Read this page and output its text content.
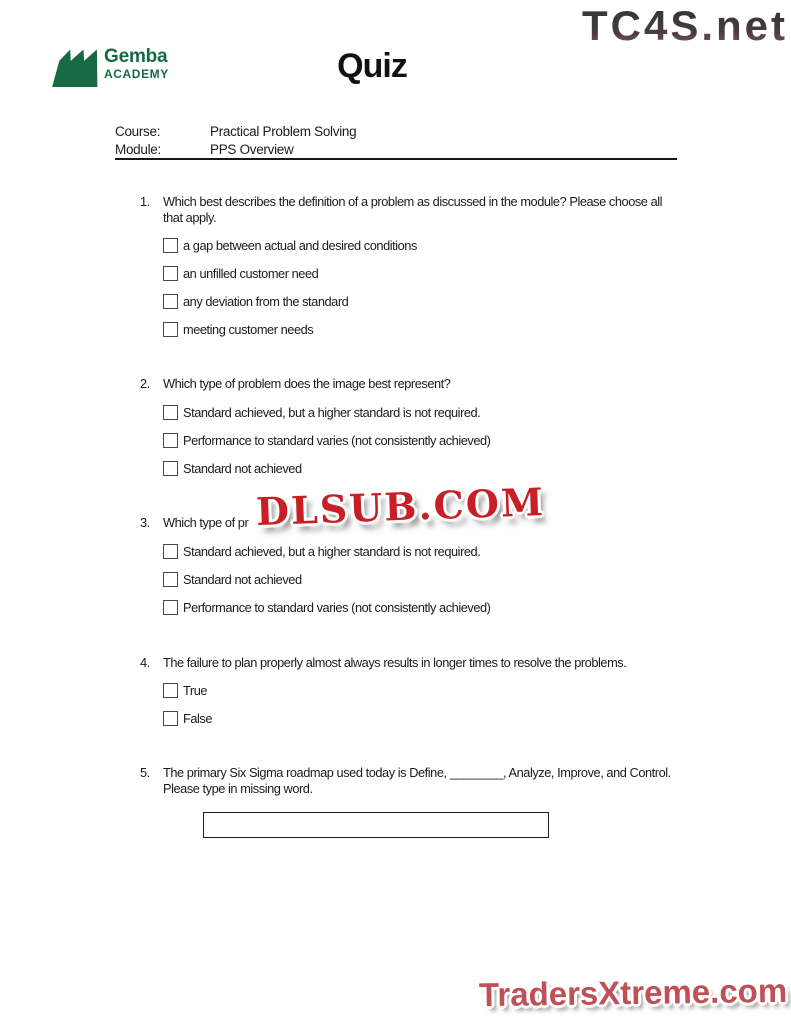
TC4S.net
Gemba
ACADEMY	Quiz
Course:	Practical Problem Solving
Module:	PPS Overview
1.	Which best describes the definition of a problem as discussed in the module? Please choose all that apply.
a gap between actual and desired conditions
an unfilled customer need
any deviation from the standard
meeting customer needs
2.	Which type of problem does the image best represent?
Standard achieved, but a higher standard is not required.
Performance to standard varies (not consistently achieved)
Standard not achieved
3.	Which type of pr
Standard achieved, but a higher standard is not required.
Standard not achieved
Performance to standard varies (not consistently achieved)
4.	The failure to plan properly almost always results in longer times to resolve the problems.
True
False
5.	The primary Six Sigma roadmap used today is Define, ________, Analyze, Improve, and Control. Please type in missing word.
DLSUB.COM
TradersXtreme.com
